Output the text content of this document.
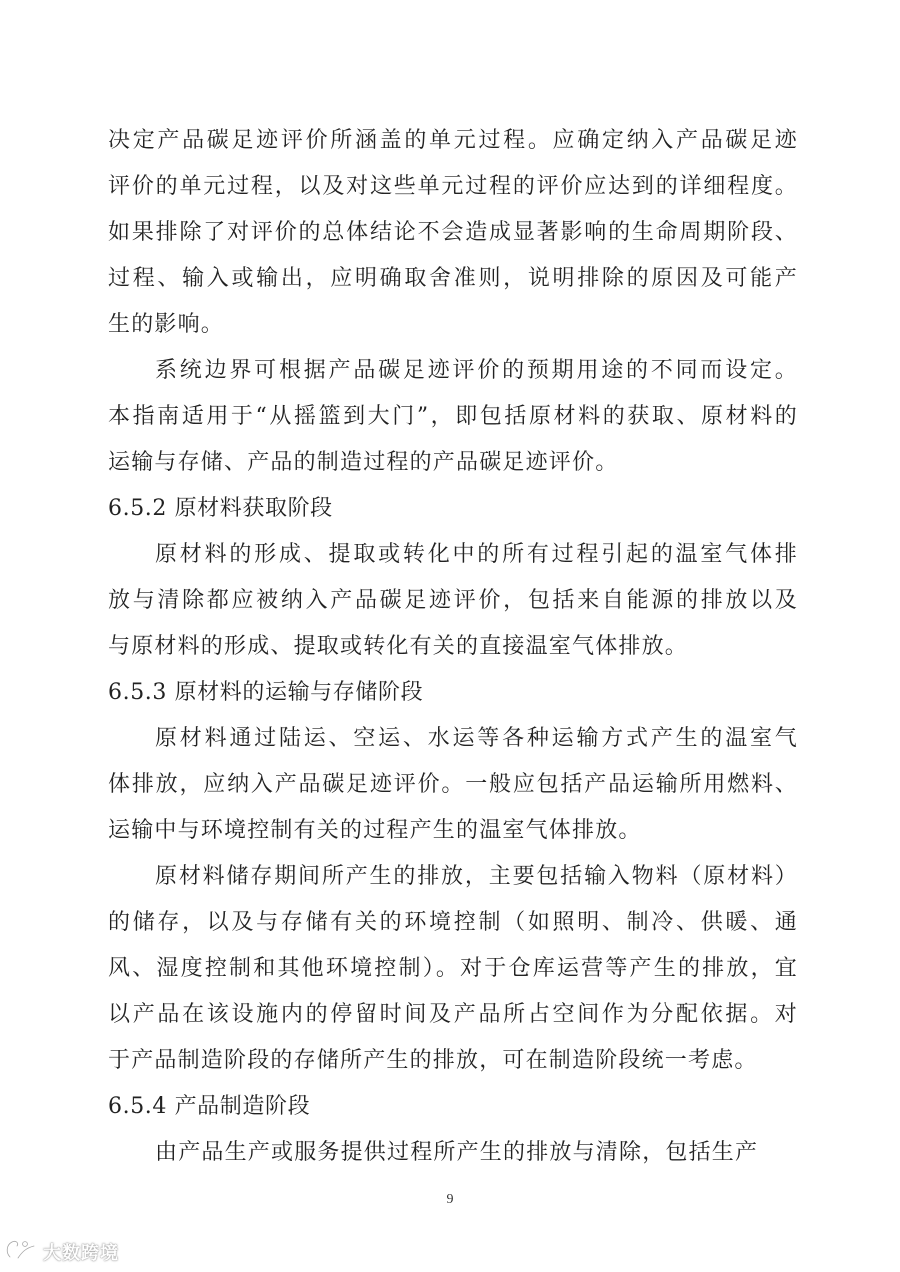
决定产品碳足迹评价所涵盖的单元过程。应确定纳入产品碳足迹
评价的单元过程，以及对这些单元过程的评价应达到的详细程度。
如果排除了对评价的总体结论不会造成显著影响的生命周期阶段、
过程、输入或输出，应明确取舍准则，说明排除的原因及可能产
生的影响。
系统边界可根据产品碳足迹评价的预期用途的不同而设定。
本指南适用于“从摇篮到大门”，即包括原材料的获取、原材料的
运输与存储、产品的制造过程的产品碳足迹评价。
6.5.2 原材料获取阶段
原材料的形成、提取或转化中的所有过程引起的温室气体排
放与清除都应被纳入产品碳足迹评价，包括来自能源的排放以及
与原材料的形成、提取或转化有关的直接温室气体排放。
6.5.3 原材料的运输与存储阶段
原材料通过陆运、空运、水运等各种运输方式产生的温室气
体排放，应纳入产品碳足迹评价。一般应包括产品运输所用燃料、
运输中与环境控制有关的过程产生的温室气体排放。
原材料储存期间所产生的排放，主要包括输入物料（原材料）
的储存，以及与存储有关的环境控制（如照明、制冷、供暖、通
风、湿度控制和其他环境控制）。对于仓库运营等产生的排放，宜
以产品在该设施内的停留时间及产品所占空间作为分配依据。对
于产品制造阶段的存储所产生的排放，可在制造阶段统一考虑。
6.5.4 产品制造阶段
由产品生产或服务提供过程所产生的排放与清除，包括生产
9
大数跨境
